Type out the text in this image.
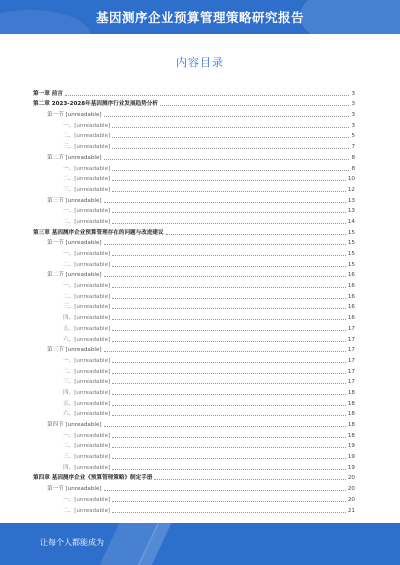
基因测序企业预算管理策略研究报告
内容目录
第一章 前言	3
第二章 2023-2028年基因测序行业发展趋势分析	3
第一节 [unreadable]	3
一、[unreadable]	3
二、[unreadable]	5
三、[unreadable]	7
第二节 [unreadable]	8
一、[unreadable]	8
二、[unreadable]	10
三、[unreadable]	12
第三节 [unreadable]	13
一、[unreadable]	13
二、[unreadable]	14
第三章 基因测序企业预算管理存在的问题与改进建议	15
第一节 [unreadable]	15
一、[unreadable]	15
二、[unreadable]	15
第二节 [unreadable]	16
一、[unreadable]	16
二、[unreadable]	16
三、[unreadable]	16
四、[unreadable]	16
五、[unreadable]	17
六、[unreadable]	17
第三节 [unreadable]	17
一、[unreadable]	17
二、[unreadable]	17
三、[unreadable]	17
四、[unreadable]	18
五、[unreadable]	18
六、[unreadable]	18
第四节 [unreadable]	18
一、[unreadable]	18
二、[unreadable]	19
三、[unreadable]	19
四、[unreadable]	19
第四章 基因测序企业《预算管理策略》制定手册	20
第一节 [unreadable]	20
一、[unreadable]	20
二、[unreadable]	21
让每个人都能成为
